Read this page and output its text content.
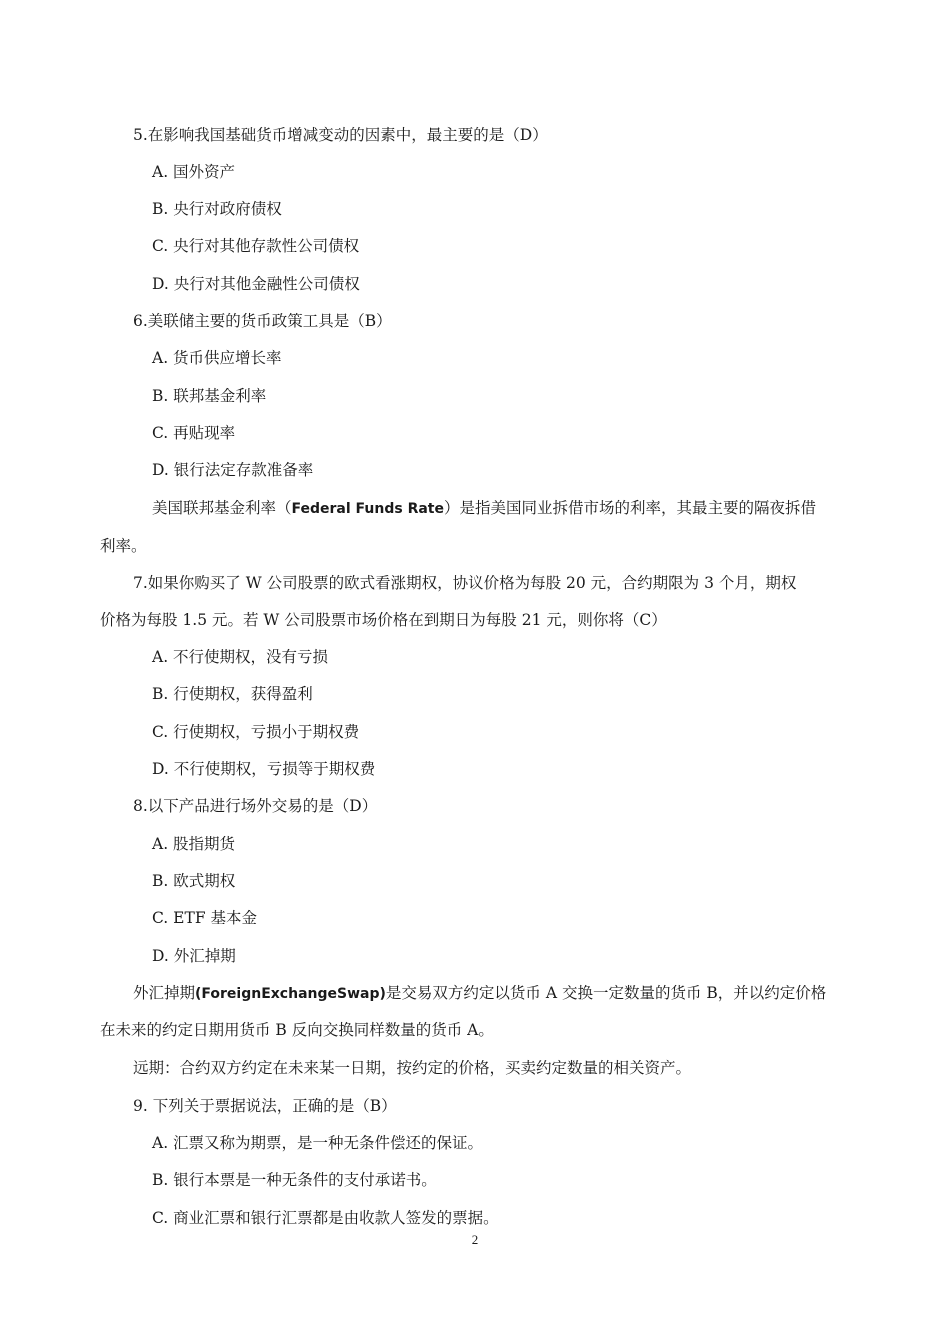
5.在影响我国基础货币增减变动的因素中，最主要的是（D）
A. 国外资产
B. 央行对政府债权
C. 央行对其他存款性公司债权
D. 央行对其他金融性公司债权
6.美联储主要的货币政策工具是（B）
A. 货币供应增长率
B. 联邦基金利率
C. 再贴现率
D. 银行法定存款准备率
美国联邦基金利率（Federal Funds Rate）是指美国同业拆借市场的利率，其最主要的隔夜拆借
利率。
7.如果你购买了 W 公司股票的欧式看涨期权，协议价格为每股 20 元，合约期限为 3 个月，期权
价格为每股 1.5 元。若 W 公司股票市场价格在到期日为每股 21 元，则你将（C）
A. 不行使期权，没有亏损
B. 行使期权，获得盈利
C. 行使期权，亏损小于期权费
D. 不行使期权，亏损等于期权费
8.以下产品进行场外交易的是（D）
A. 股指期货
B. 欧式期权
C. ETF 基本金
D. 外汇掉期
外汇掉期(ForeignExchangeSwap)是交易双方约定以货币 A 交换一定数量的货币 B，并以约定价格
在未来的约定日期用货币 B 反向交换同样数量的货币 A。
远期：合约双方约定在未来某一日期，按约定的价格，买卖约定数量的相关资产。
9. 下列关于票据说法，正确的是（B）
A. 汇票又称为期票，是一种无条件偿还的保证。
B. 银行本票是一种无条件的支付承诺书。
C. 商业汇票和银行汇票都是由收款人签发的票据。
2
